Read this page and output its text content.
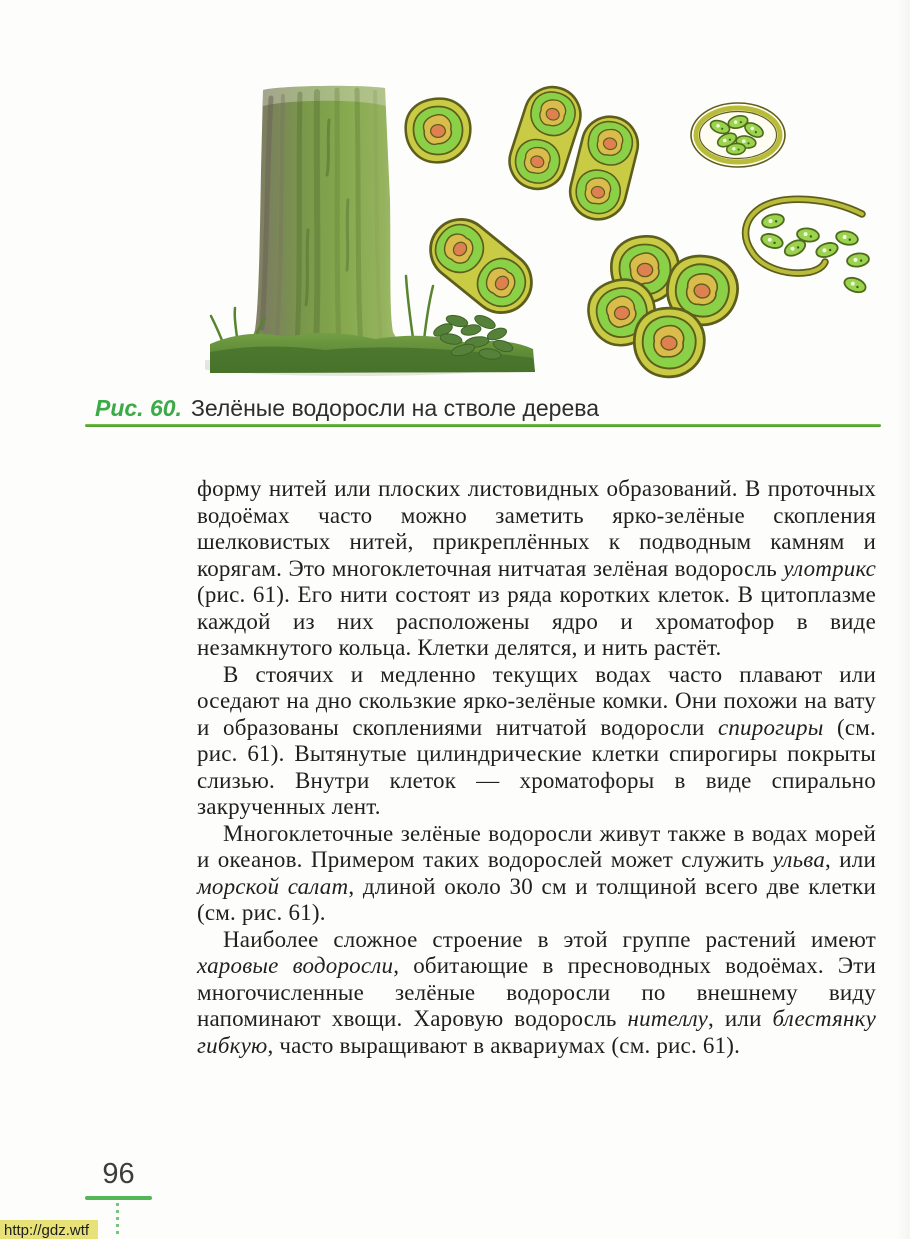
Рис. 60. Зелёные водоросли на стволе дерева

форму нитей или плоских листовидных образований. В проточных водоёмах часто можно заметить ярко-зелёные скопления шелковистых нитей, прикреплённых к подводным камням и корягам. Это многоклеточная нитчатая зелёная водоросль улотрикс (рис. 61). Его нити состоят из ряда коротких клеток. В цитоплазме каждой из них расположены ядро и хроматофор в виде незамкнутого кольца. Клетки делятся, и нить растёт.

В стоячих и медленно текущих водах часто плавают или оседают на дно скользкие ярко-зелёные комки. Они похожи на вату и образованы скоплениями нитчатой водоросли спирогиры (см. рис. 61). Вытянутые цилиндрические клетки спирогиры покрыты слизью. Внутри клеток — хроматофоры в виде спирально закрученных лент.

Многоклеточные зелёные водоросли живут также в водах морей и океанов. Примером таких водорослей может служить ульва, или морской салат, длиной около 30 см и толщиной всего две клетки (см. рис. 61).

Наиболее сложное строение в этой группе растений имеют харовые водоросли, обитающие в пресноводных водоёмах. Эти многочисленные зелёные водоросли по внешнему виду напоминают хвощи. Харовую водоросль нителлу, или блестянку гибкую, часто выращивают в аквариумах (см. рис. 61).

96
http://gdz.wtf
